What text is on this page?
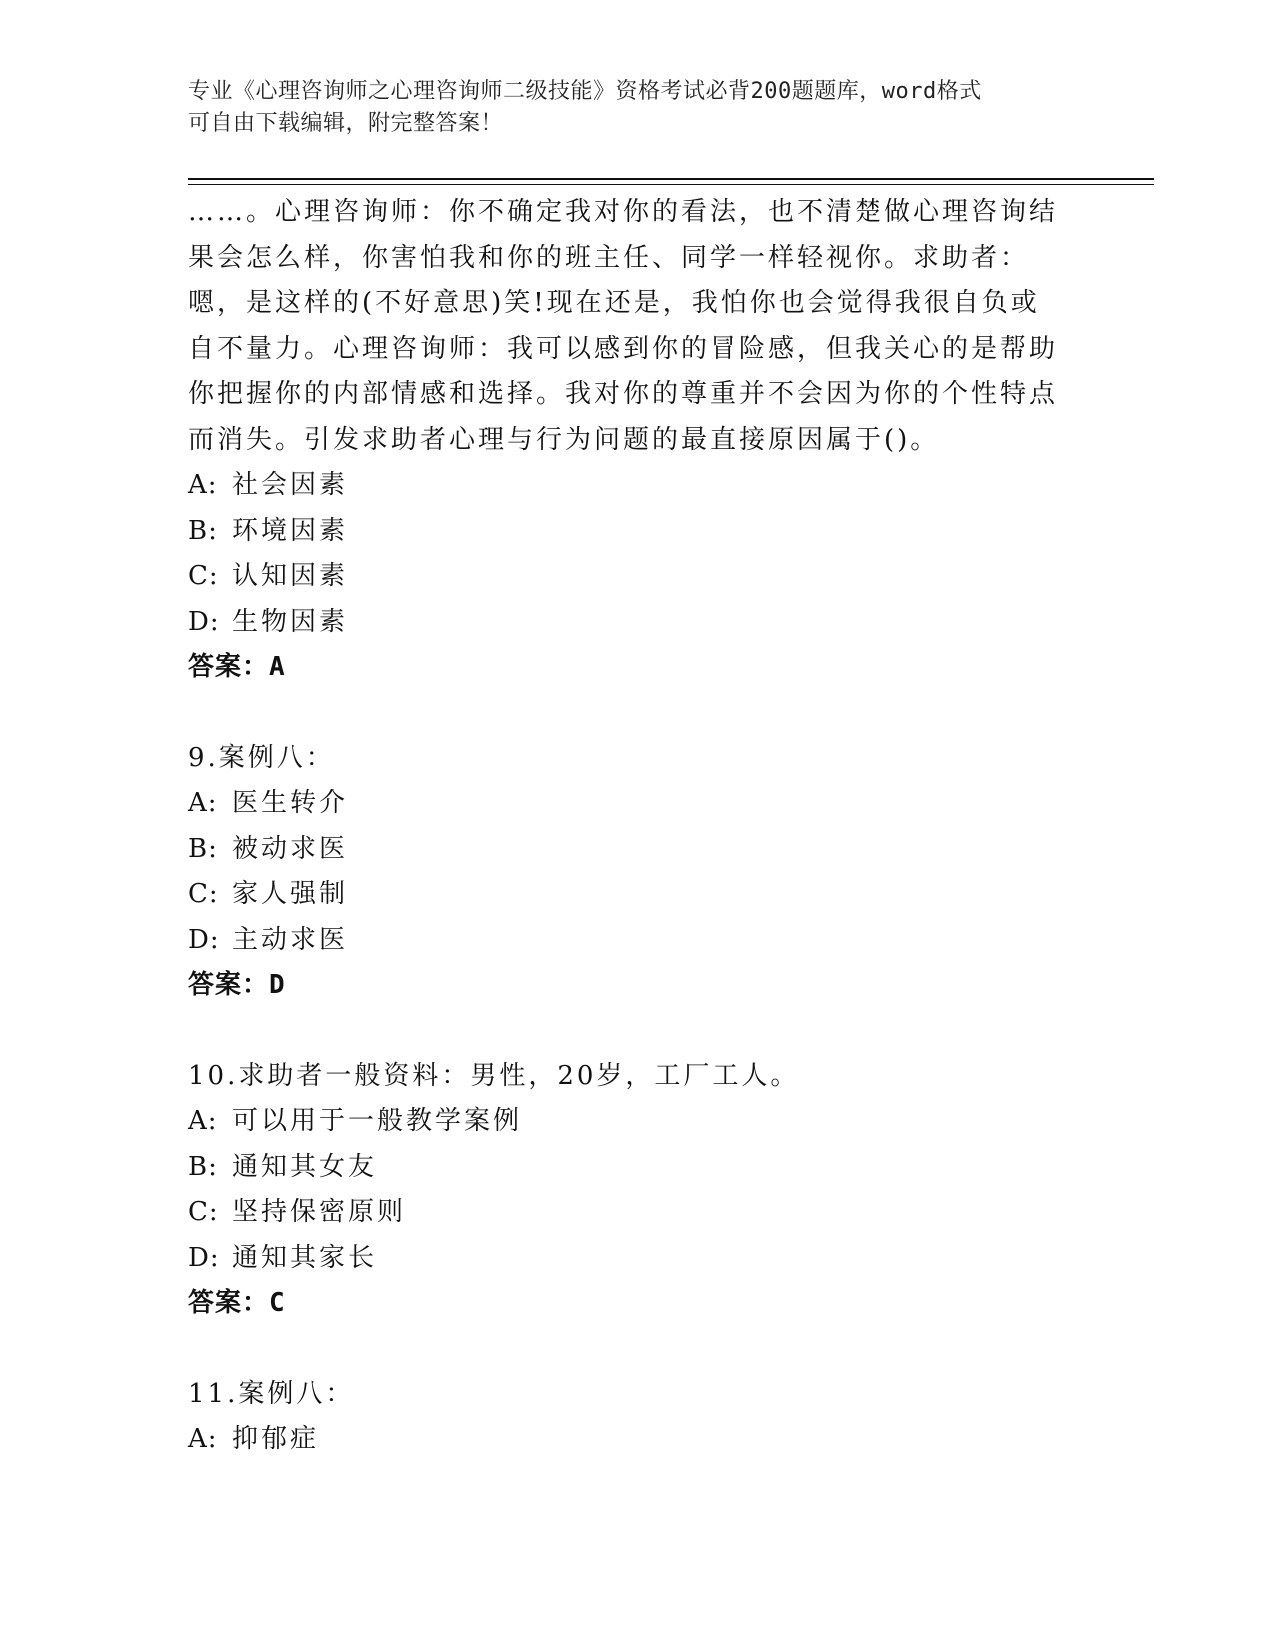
专业《心理咨询师之心理咨询师二级技能》资格考试必背200题题库，word格式
可自由下载编辑，附完整答案！

……。心理咨询师：你不确定我对你的看法，也不清楚做心理咨询结果会怎么样，你害怕我和你的班主任、同学一样轻视你。求助者：嗯，是这样的(不好意思)笑!现在还是，我怕你也会觉得我很自负或自不量力。心理咨询师：我可以感到你的冒险感，但我关心的是帮助你把握你的内部情感和选择。我对你的尊重并不会因为你的个性特点而消失。引发求助者心理与行为问题的最直接原因属于()。

A: 社会因素
B: 环境因素
C: 认知因素
D: 生物因素
答案：A
9.案例八：
A: 医生转介
B: 被动求医
C: 家人强制
D: 主动求医
答案：D
10.求助者一般资料：男性，20岁，工厂工人。
A: 可以用于一般教学案例
B: 通知其女友
C: 坚持保密原则
D: 通知其家长
答案：C
11.案例八：
A: 抑郁症
